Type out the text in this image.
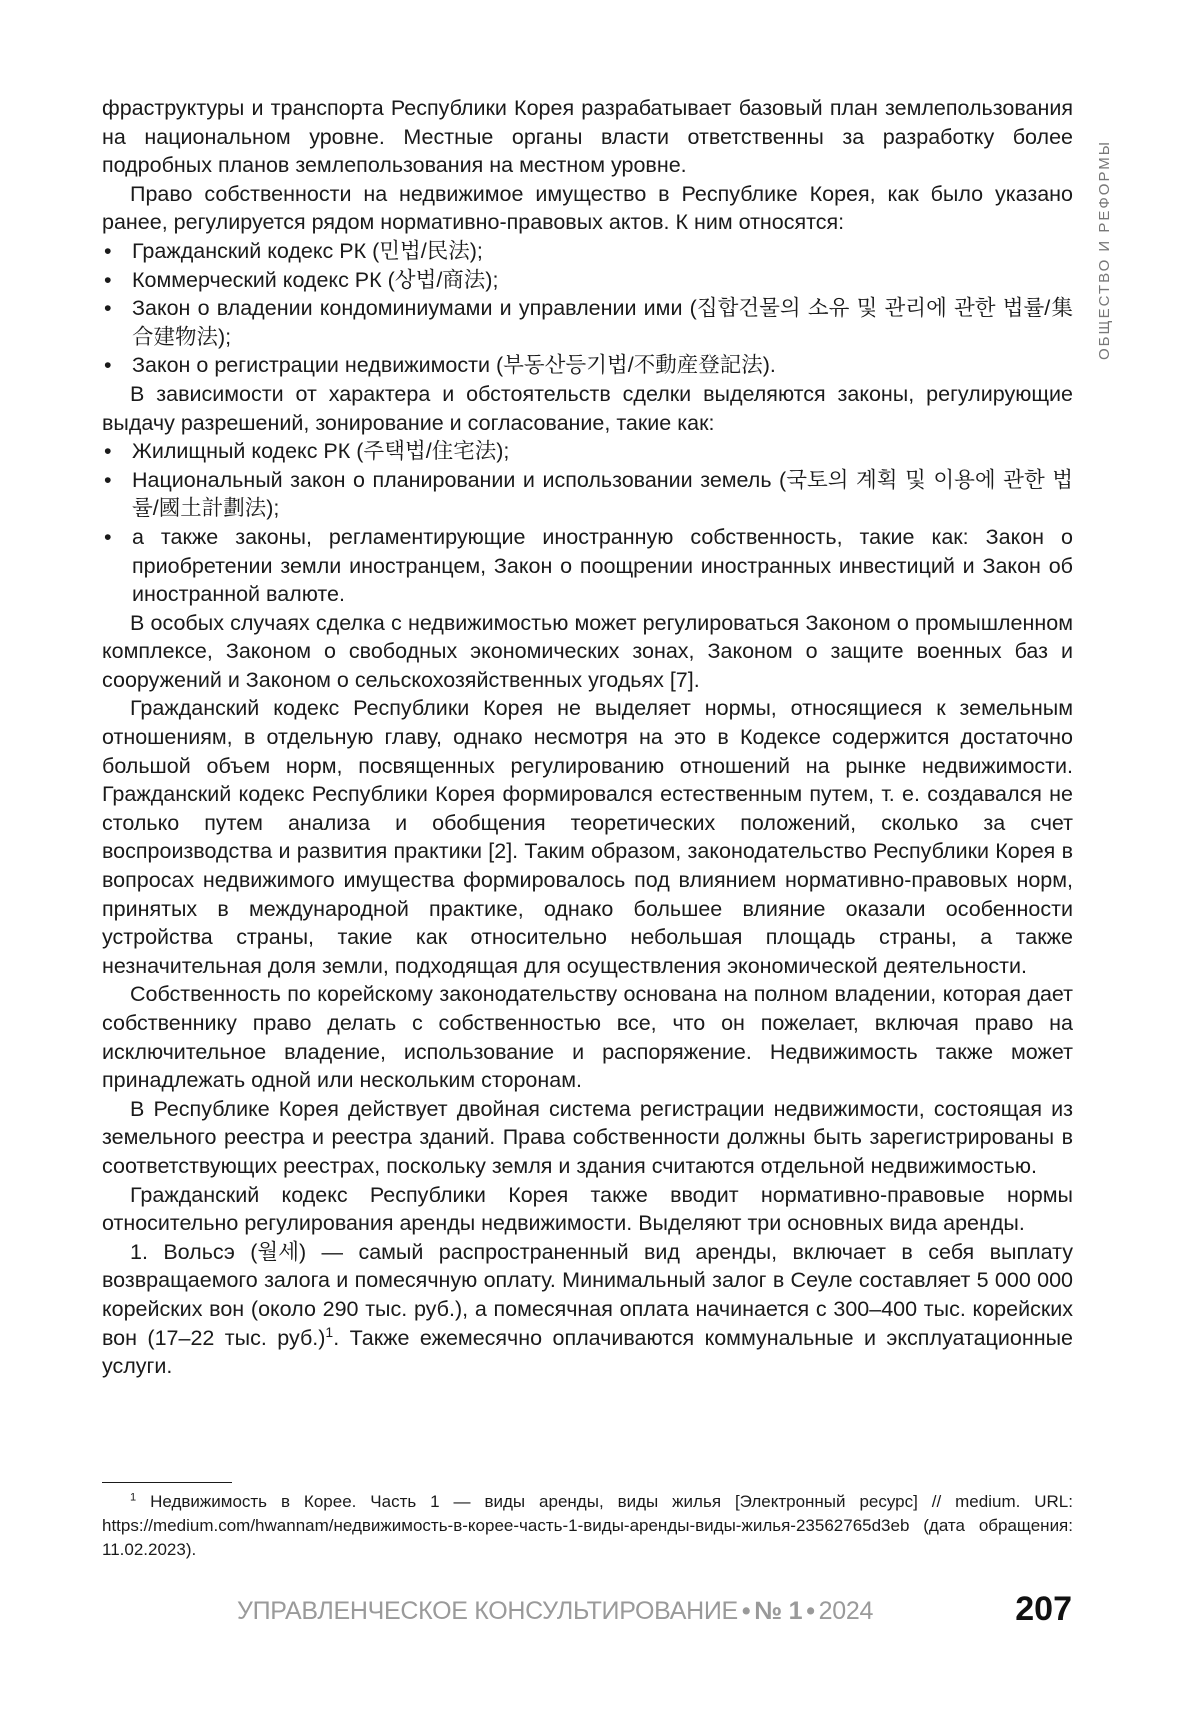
ОБЩЕСТВО И РЕФОРМЫ

фраструктуры и транспорта Республики Корея разрабатывает базовый план землепользования на национальном уровне. Местные органы власти ответственны за разработку более подробных планов землепользования на местном уровне.

Право собственности на недвижимое имущество в Республике Корея, как было указано ранее, регулируется рядом нормативно-правовых актов. К ним относятся:

• Гражданский кодекс РК (민법/民法);
• Коммерческий кодекс РК (상법/商法);
• Закон о владении кондоминиумами и управлении ими (집합건물의 소유 및 관리에 관한 법률/集合建物法);
• Закон о регистрации недвижимости (부동산등기법/不動産登記法).

В зависимости от характера и обстоятельств сделки выделяются законы, регулирующие выдачу разрешений, зонирование и согласование, такие как:

• Жилищный кодекс РК (주택법/住宅法);
• Национальный закон о планировании и использовании земель (국토의 계획 및 이용에 관한 법률/國土計劃法);
• а также законы, регламентирующие иностранную собственность, такие как: Закон о приобретении земли иностранцем, Закон о поощрении иностранных инвестиций и Закон об иностранной валюте.

В особых случаях сделка с недвижимостью может регулироваться Законом о промышленном комплексе, Законом о свободных экономических зонах, Законом о защите военных баз и сооружений и Законом о сельскохозяйственных угодьях [7].

Гражданский кодекс Республики Корея не выделяет нормы, относящиеся к земельным отношениям, в отдельную главу, однако несмотря на это в Кодексе содержится достаточно большой объем норм, посвященных регулированию отношений на рынке недвижимости. Гражданский кодекс Республики Корея формировался естественным путем, т. е. создавался не столько путем анализа и обобщения теоретических положений, сколько за счет воспроизводства и развития практики [2]. Таким образом, законодательство Республики Корея в вопросах недвижимого имущества формировалось под влиянием нормативно-правовых норм, принятых в международной практике, однако большее влияние оказали особенности устройства страны, такие как относительно небольшая площадь страны, а также незначительная доля земли, подходящая для осуществления экономической деятельности.

Собственность по корейскому законодательству основана на полном владении, которая дает собственнику право делать с собственностью все, что он пожелает, включая право на исключительное владение, использование и распоряжение. Недвижимость также может принадлежать одной или нескольким сторонам.

В Республике Корея действует двойная система регистрации недвижимости, состоящая из земельного реестра и реестра зданий. Права собственности должны быть зарегистрированы в соответствующих реестрах, поскольку земля и здания считаются отдельной недвижимостью.

Гражданский кодекс Республики Корея также вводит нормативно-правовые нормы относительно регулирования аренды недвижимости. Выделяют три основных вида аренды.

1. Вольсэ (월세) — самый распространенный вид аренды, включает в себя выплату возвращаемого залога и помесячную оплату. Минимальный залог в Сеуле составляет 5 000 000 корейских вон (около 290 тыс. руб.), а помесячная оплата начинается с 300–400 тыс. корейских вон (17–22 тыс. руб.)1. Также ежемесячно оплачиваются коммунальные и эксплуатационные услуги.

1 Недвижимость в Корее. Часть 1 — виды аренды, виды жилья [Электронный ресурс] // medium. URL: https://medium.com/hwannam/недвижимость-в-корее-часть-1-виды-аренды-виды-жилья-23562765d3eb (дата обращения: 11.02.2023).

УПРАВЛЕНЧЕСКОЕ КОНСУЛЬТИРОВАНИЕ • № 1 • 2024	207
